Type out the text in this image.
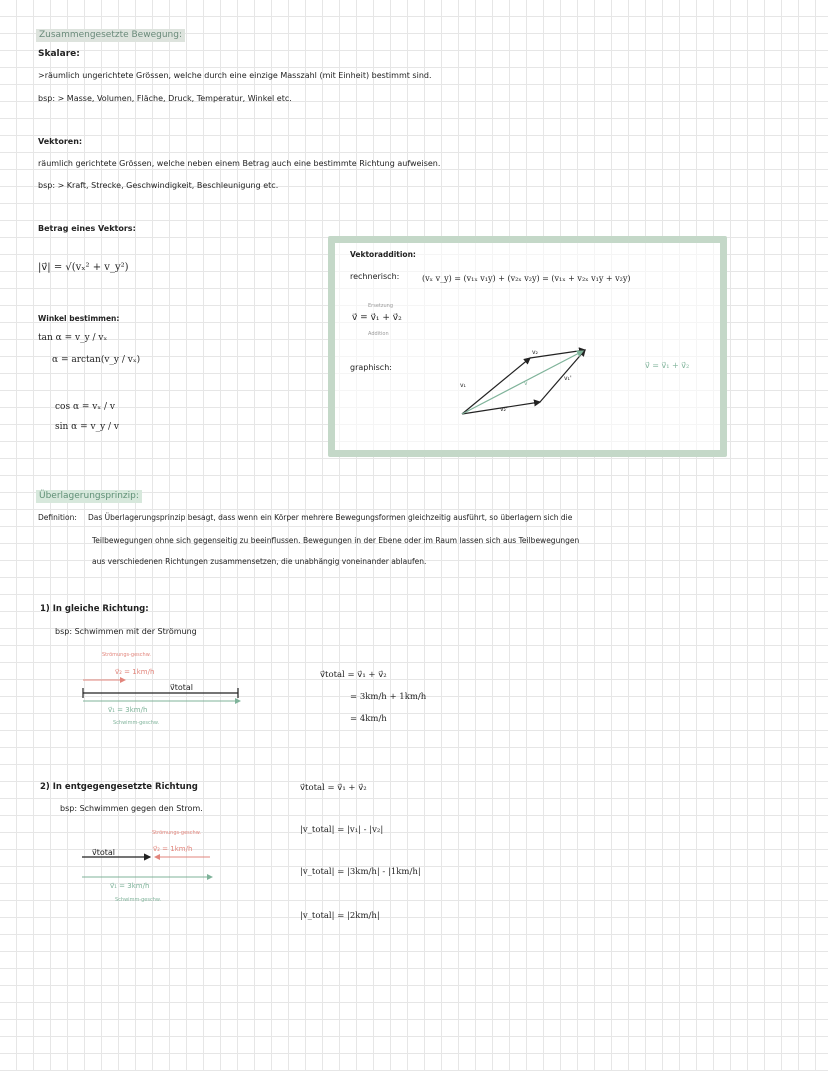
Zusammengesetzte Bewegung:
Skalare:
>räumlich ungerichtete Grössen, welche durch eine einzige Masszahl (mit Einheit) bestimmt sind.
bsp: > Masse, Volumen, Fläche, Druck, Temperatur, Winkel etc.
Vektoren:
räumlich gerichtete Grössen, welche neben einem Betrag auch eine bestimmte Richtung aufweisen.
bsp: > Kraft, Strecke, Geschwindigkeit, Beschleunigung etc.
Betrag eines Vektors:
|v⃗| = √(vₓ² + v_y²)
Winkel bestimmen:
tan α = v_y / vₓ
α = arctan(v_y / vₓ)
cos α = vₓ / v
sin α = v_y / v
Vektoraddition:
rechnerisch:	(vₓ v_y) = (v₁ₓ v₁y) + (v₂ₓ v₂y) = (v₁ₓ + v₂ₓ v₁y + v₂y)
Ersetzung
v⃗ = v⃗₁ + v⃗₂
Addition
graphisch:	v⃗ = v⃗₁ + v⃗₂
v₂
v₁	v
v₂'
v₁'
Überlagerungsprinzip:
Definition: Das Überlagerungsprinzip besagt, dass wenn ein Körper mehrere Bewegungsformen gleichzeitig ausführt, so überlagern sich die
Teilbewegungen ohne sich gegenseitig zu beeinflussen. Bewegungen in der Ebene oder im Raum lassen sich aus Teilbewegungen
aus verschiedenen Richtungen zusammensetzen, die unabhängig voneinander ablaufen.
1) In gleiche Richtung:
bsp: Schwimmen mit der Strömung
Strömungs-geschw.
v⃗₂ = 1km/h
v⃗total
v⃗₁ = 3km/h
Schwimm-geschw.
v⃗total = v⃗₁ + v⃗₂
= 3km/h + 1km/h
= 4km/h
2) In entgegengesetzte Richtung
bsp: Schwimmen gegen den Strom.
Strömungs-geschw.
v⃗₂ = 1km/h
v⃗total
v⃗₁ = 3km/h
Schwimm-geschw.
v⃗total = v⃗₁ + v⃗₂
|v_total| = |v₁| - |v₂|
|v_total| = |3km/h| - |1km/h|
|v_total| = |2km/h|
